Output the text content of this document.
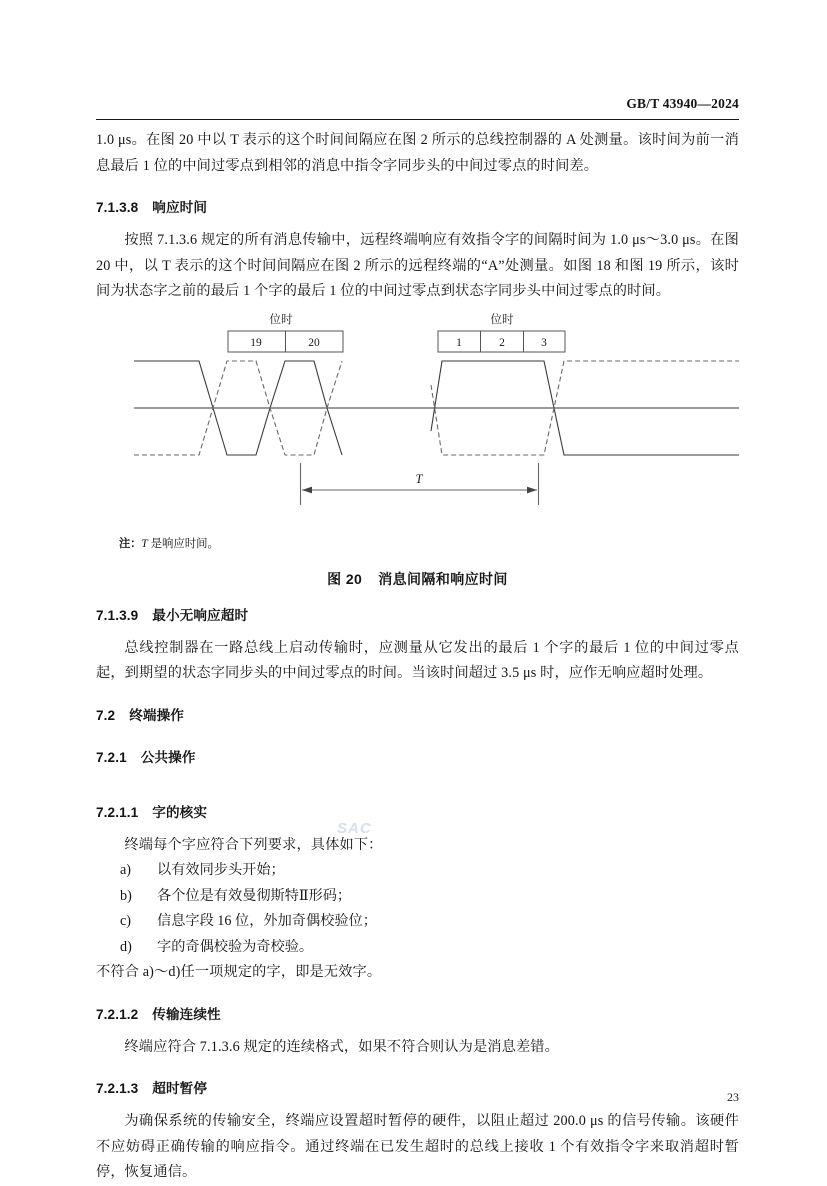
GB/T 43940—2024

1.0 μs。在图 20 中以 T 表示的这个时间间隔应在图 2 所示的总线控制器的 A 处测量。该时间为前一消息最后 1 位的中间过零点到相邻的消息中指令字同步头的中间过零点的时间差。

7.1.3.8 响应时间

按照 7.1.3.6 规定的所有消息传输中，远程终端响应有效指令字的间隔时间为 1.0 μs～3.0 μs。在图 20 中，以 T 表示的这个时间间隔应在图 2 所示的远程终端的“A”处测量。如图 18 和图 19 所示，该时间为状态字之前的最后 1 个字的最后 1 位的中间过零点到状态字同步头中间过零点的时间。

位时	位时
19	20	1	2	3
T
注：T 是响应时间。
图 20 消息间隔和响应时间
7.1.3.9 最小无响应超时

总线控制器在一路总线上启动传输时，应测量从它发出的最后 1 个字的最后 1 位的中间过零点起，到期望的状态字同步头的中间过零点的时间。当该时间超过 3.5 μs 时，应作无响应超时处理。

7.2 终端操作
7.2.1 公共操作
7.2.1.1 字的核实

终端每个字应符合下列要求，具体如下：

a)	以有效同步头开始；
b)	各个位是有效曼彻斯特Ⅱ形码；
c)	信息字段 16 位，外加奇偶校验位；
d)	字的奇偶校验为奇校验。

不符合 a)～d)任一项规定的字，即是无效字。

7.2.1.2 传输连续性

终端应符合 7.1.3.6 规定的连续格式，如果不符合则认为是消息差错。

7.2.1.3 超时暂停

为确保系统的传输安全，终端应设置超时暂停的硬件，以阻止超过 200.0 μs 的信号传输。该硬件不应妨碍正确传输的响应指令。通过终端在已发生超时的总线上接收 1 个有效指令字来取消超时暂停，恢复通信。

SAC
23
